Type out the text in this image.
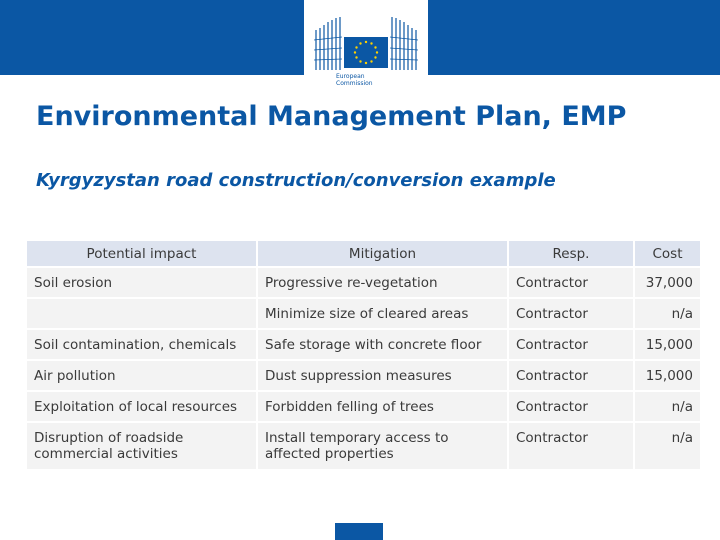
European
Commission
Environmental Management Plan, EMP
Kyrgyzystan road construction/conversion example
Potential impact	Mitigation	Resp.	Cost
Soil erosion	Progressive re-vegetation	Contractor	37,000
	Minimize size of cleared areas	Contractor	n/a
Soil contamination, chemicals	Safe storage with concrete floor	Contractor	15,000
Air pollution	Dust suppression measures	Contractor	15,000
Exploitation of local resources	Forbidden felling of trees	Contractor	n/a
Disruption of roadside commercial activities	Install temporary access to affected properties	Contractor	n/a
